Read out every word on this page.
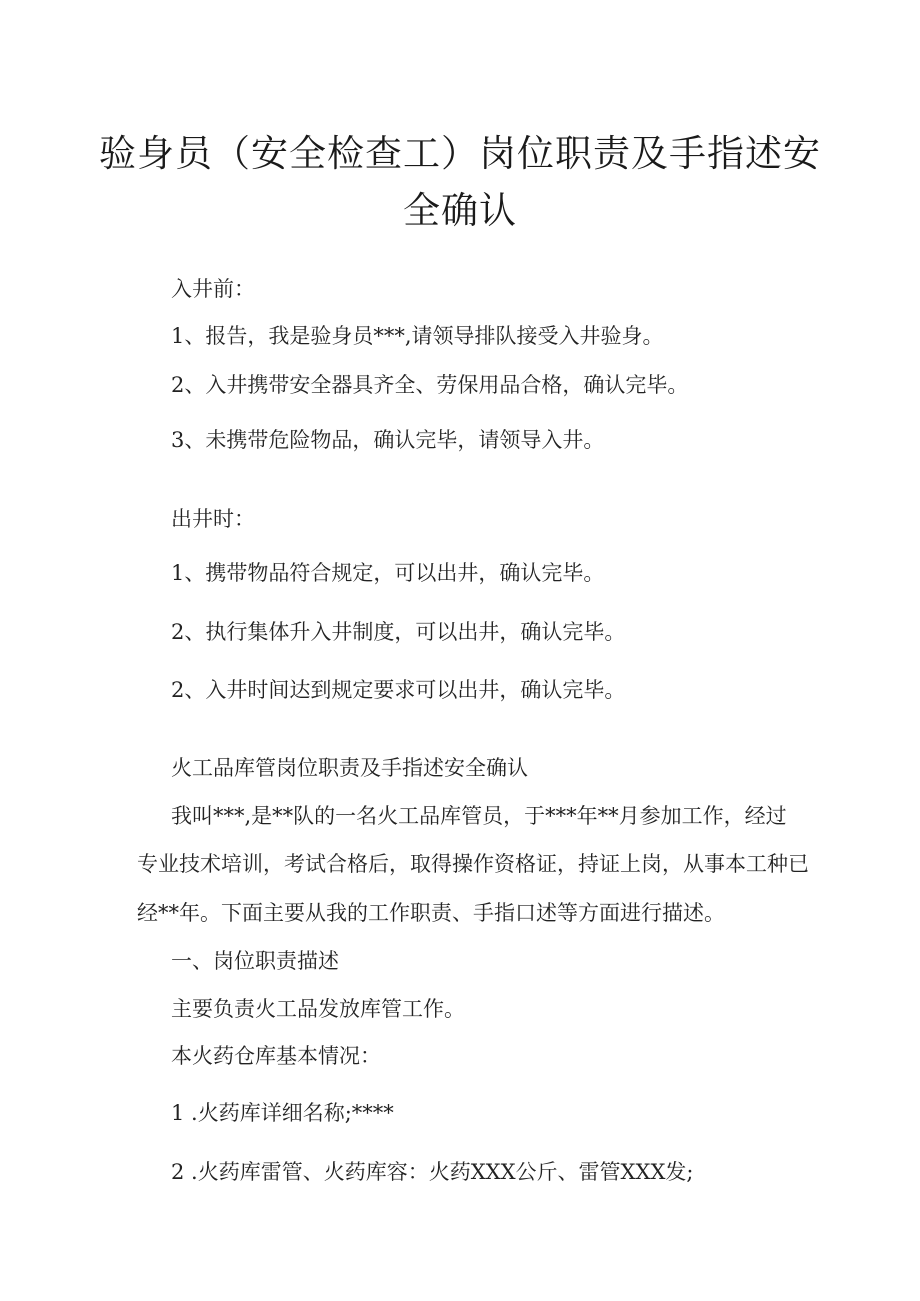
验身员（安全检查工）岗位职责及手指述安
全确认
入井前：
1、报告，我是验身员***,请领导排队接受入井验身。
2、入井携带安全器具齐全、劳保用品合格，确认完毕。
3、未携带危险物品，确认完毕，请领导入井。
出井时：
1、携带物品符合规定，可以出井，确认完毕。
2、执行集体升入井制度，可以出井，确认完毕。
2、入井时间达到规定要求可以出井，确认完毕。
火工品库管岗位职责及手指述安全确认
我叫***,是**队的一名火工品库管员，于***年**月参加工作，经过
专业技术培训，考试合格后，取得操作资格证，持证上岗，从事本工种已
经**年。下面主要从我的工作职责、手指口述等方面进行描述。
一、岗位职责描述
主要负责火工品发放库管工作。
本火药仓库基本情况：
1 .火药库详细名称;****
2 .火药库雷管、火药库容：火药XXX公斤、雷管XXX发;
